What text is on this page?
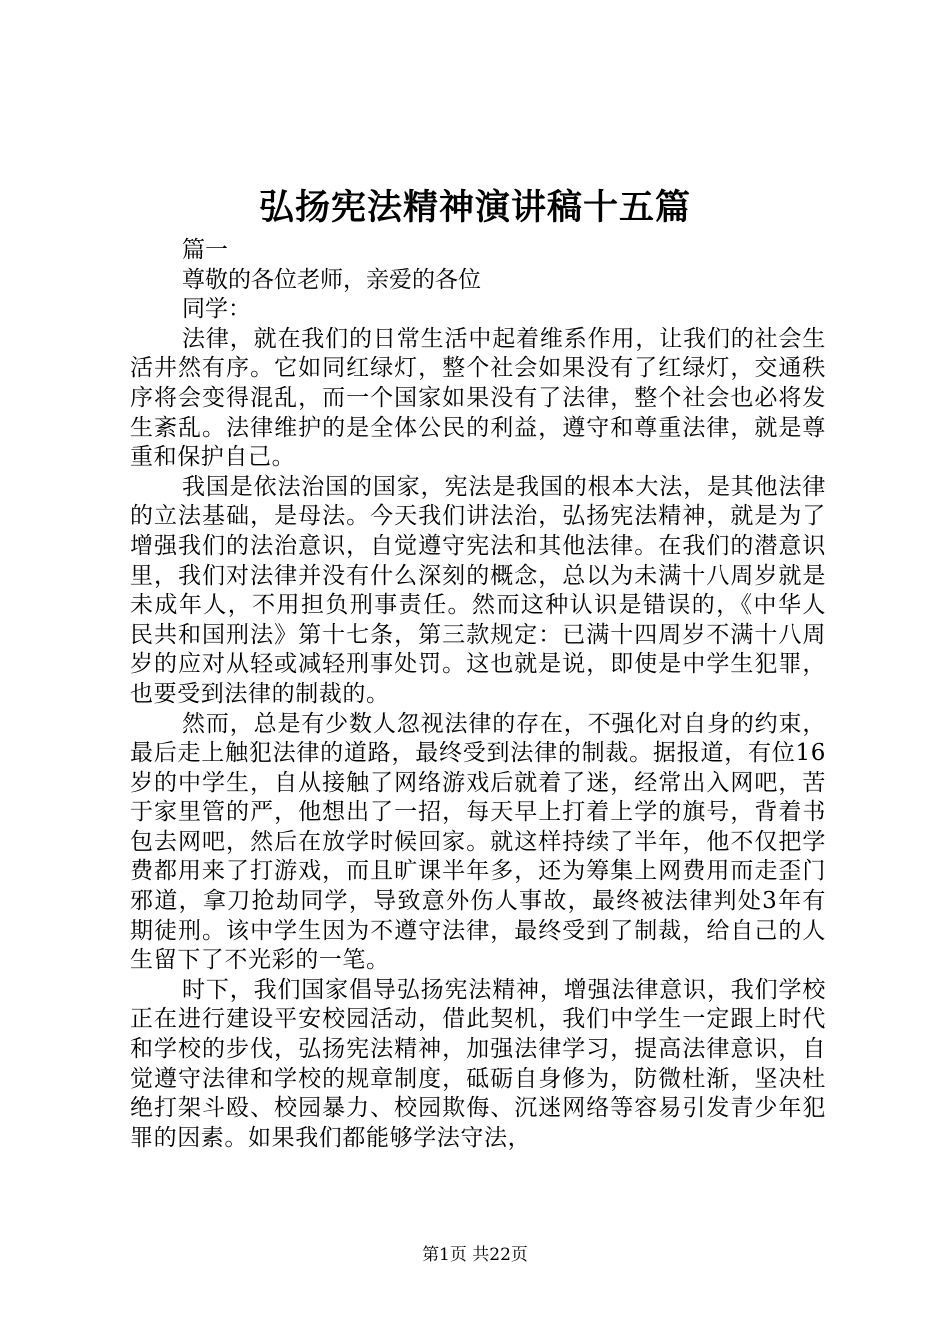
弘扬宪法精神演讲稿十五篇

篇一

尊敬的各位老师，亲爱的各位

同学：

法律，就在我们的日常生活中起着维系作用，让我们的社会生活井然有序。它如同红绿灯，整个社会如果没有了红绿灯，交通秩序将会变得混乱，而一个国家如果没有了法律，整个社会也必将发生紊乱。法律维护的是全体公民的利益，遵守和尊重法律，就是尊重和保护自己。

我国是依法治国的国家，宪法是我国的根本大法，是其他法律的立法基础，是母法。今天我们讲法治，弘扬宪法精神，就是为了增强我们的法治意识，自觉遵守宪法和其他法律。在我们的潜意识里，我们对法律并没有什么深刻的概念，总以为未满十八周岁就是未成年人，不用担负刑事责任。然而这种认识是错误的，《中华人民共和国刑法》第十七条，第三款规定：已满十四周岁不满十八周岁的应对从轻或减轻刑事处罚。这也就是说，即使是中学生犯罪，也要受到法律的制裁的。

然而，总是有少数人忽视法律的存在，不强化对自身的约束，最后走上触犯法律的道路，最终受到法律的制裁。据报道，有位16岁的中学生，自从接触了网络游戏后就着了迷，经常出入网吧，苦于家里管的严，他想出了一招，每天早上打着上学的旗号，背着书包去网吧，然后在放学时候回家。就这样持续了半年，他不仅把学费都用来了打游戏，而且旷课半年多，还为筹集上网费用而走歪门邪道，拿刀抢劫同学，导致意外伤人事故，最终被法律判处3年有期徒刑。该中学生因为不遵守法律，最终受到了制裁，给自己的人生留下了不光彩的一笔。

时下，我们国家倡导弘扬宪法精神，增强法律意识，我们学校正在进行建设平安校园活动，借此契机，我们中学生一定跟上时代和学校的步伐，弘扬宪法精神，加强法律学习，提高法律意识，自觉遵守法律和学校的规章制度，砥砺自身修为，防微杜渐，坚决杜绝打架斗殴、校园暴力、校园欺侮、沉迷网络等容易引发青少年犯罪的因素。如果我们都能够学法守法，

第1页 共22页
